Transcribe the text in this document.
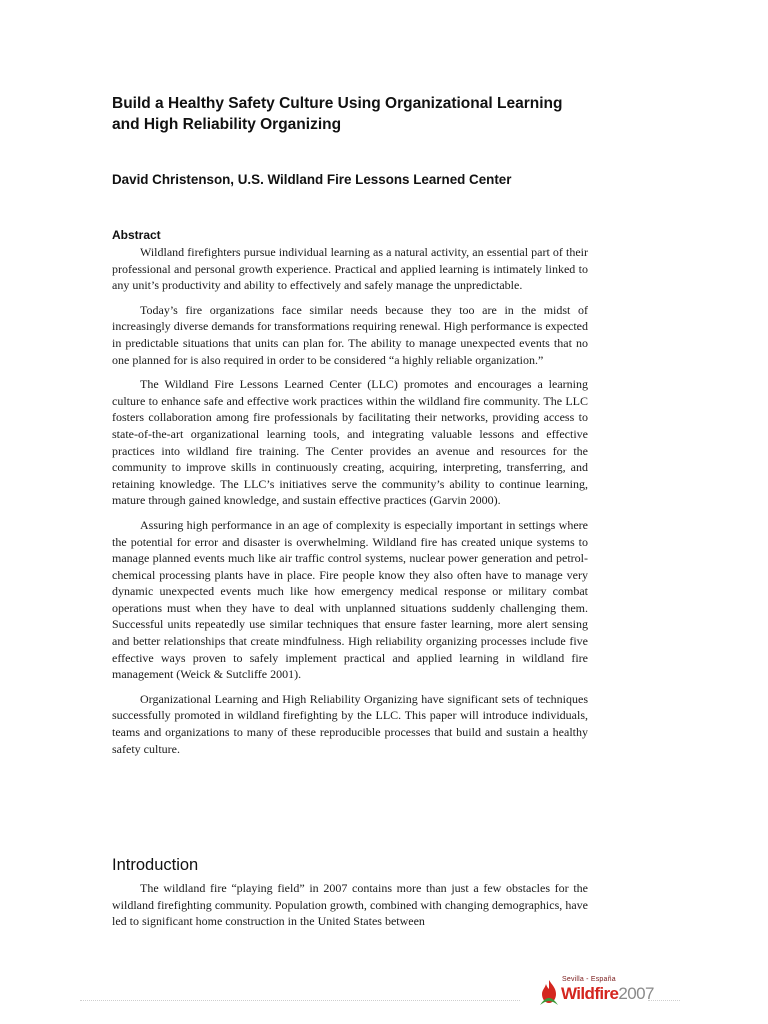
Build a Healthy Safety Culture Using Organizational Learning and High Reliability Organizing

David Christenson, U.S. Wildland Fire Lessons Learned Center

Abstract

Wildland firefighters pursue individual learning as a natural activity, an essential part of their professional and personal growth experience. Practical and applied learning is intimately linked to any unit’s productivity and ability to effectively and safely manage the unpredictable.

Today’s fire organizations face similar needs because they too are in the midst of increasingly diverse demands for transformations requiring renewal. High performance is expected in predictable situations that units can plan for. The ability to manage unexpected events that no one planned for is also required in order to be considered “a highly reliable organization.”

The Wildland Fire Lessons Learned Center (LLC) promotes and encourages a learning culture to enhance safe and effective work practices within the wildland fire community. The LLC fosters collaboration among fire professionals by facilitating their networks, providing access to state-of-the-art organizational learning tools, and integrating valuable lessons and effective practices into wildland fire training. The Center provides an avenue and resources for the community to improve skills in continuously creating, acquiring, interpreting, transferring, and retaining knowledge. The LLC’s initiatives serve the community’s ability to continue learning, mature through gained knowledge, and sustain effective practices (Garvin 2000).

Assuring high performance in an age of complexity is especially important in settings where the potential for error and disaster is overwhelming. Wildland fire has created unique systems to manage planned events much like air traffic control systems, nuclear power generation and petrol-chemical processing plants have in place. Fire people know they also often have to manage very dynamic unexpected events much like how emergency medical response or military combat operations must when they have to deal with unplanned situations suddenly challenging them. Successful units repeatedly use similar techniques that ensure faster learning, more alert sensing and better relationships that create mindfulness. High reliability organizing processes include five effective ways proven to safely implement practical and applied learning in wildland fire management (Weick & Sutcliffe 2001).

Organizational Learning and High Reliability Organizing have significant sets of techniques successfully promoted in wildland firefighting by the LLC. This paper will introduce individuals, teams and organizations to many of these reproducible processes that build and sustain a healthy safety culture.

Introduction

The wildland fire “playing field” in 2007 contains more than just a few obstacles for the wildland firefighting community. Population growth, combined with changing demographics, have led to significant home construction in the United States between

Sevilla - España
Wildfire2007
